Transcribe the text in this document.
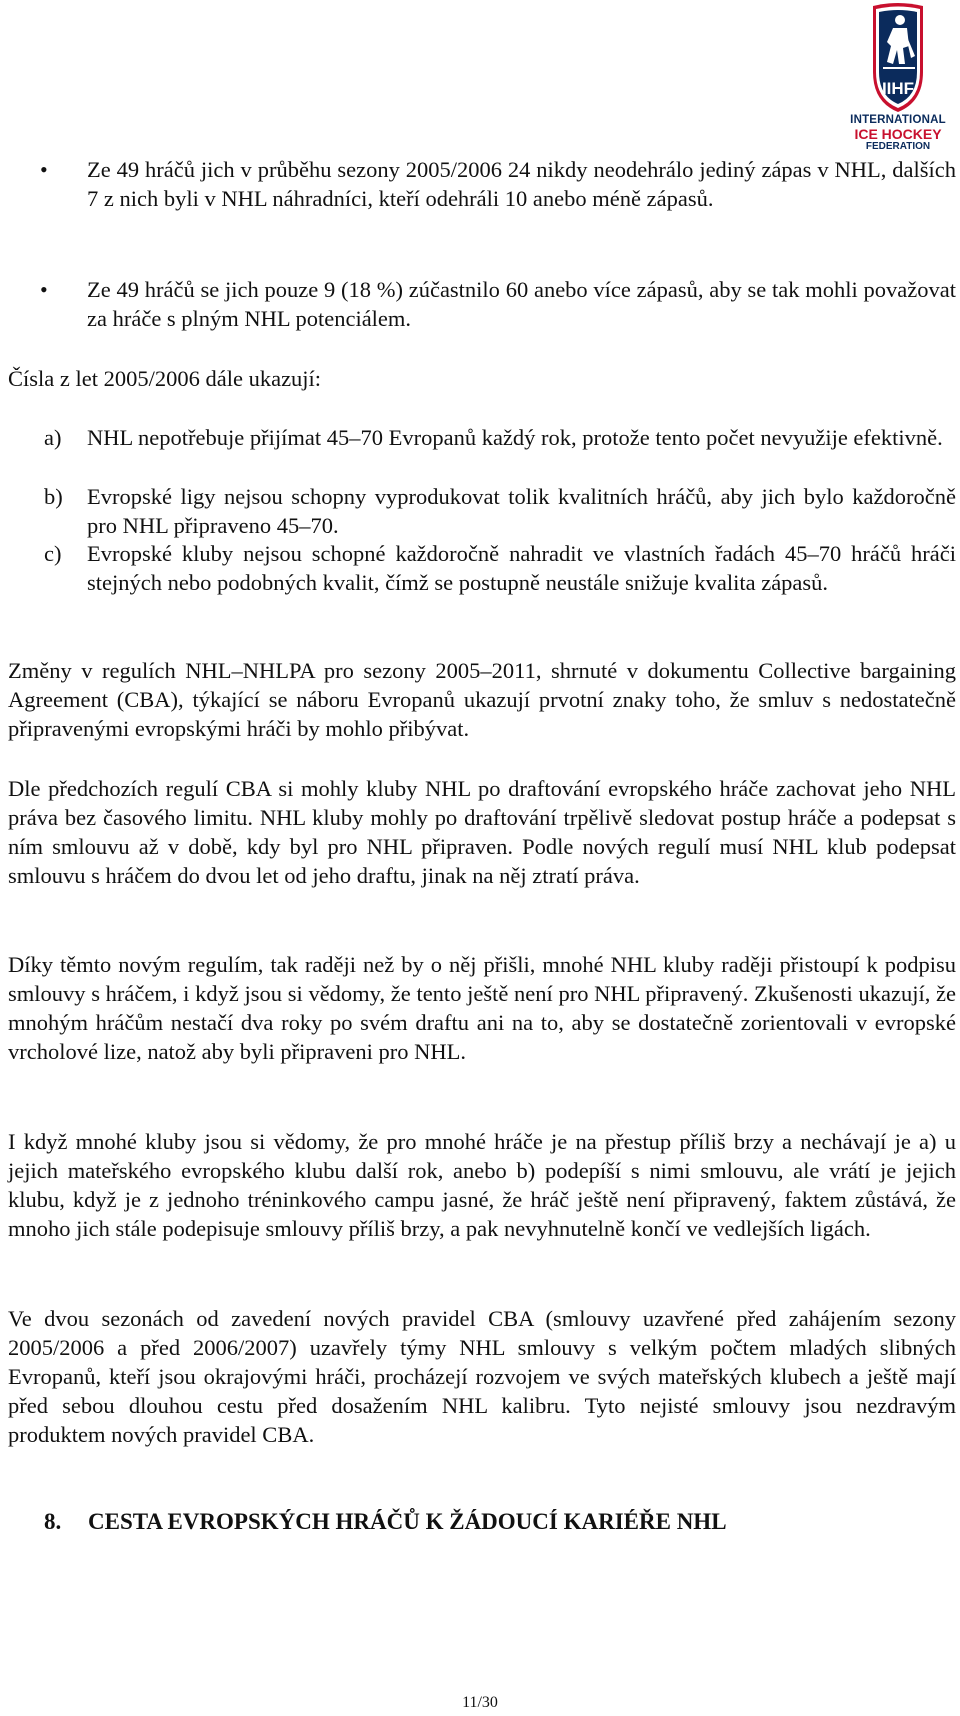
IIHF
INTERNATIONAL
ICE HOCKEY
FEDERATION
• Ze 49 hráčů jich v průběhu sezony 2005/2006 24 nikdy neodehrálo jediný zápas v NHL, dalších 7 z nich byli v NHL náhradníci, kteří odehráli 10 anebo méně zápasů.
• Ze 49 hráčů se jich pouze 9 (18 %) zúčastnilo 60 anebo více zápasů, aby se tak mohli považovat za hráče s plným NHL potenciálem.
Čísla z let 2005/2006 dále ukazují:
a) NHL nepotřebuje přijímat 45–70 Evropanů každý rok, protože tento počet nevyužije efektivně.
b) Evropské ligy nejsou schopny vyprodukovat tolik kvalitních hráčů, aby jich bylo každoročně pro NHL připraveno 45–70.
c) Evropské kluby nejsou schopné každoročně nahradit ve vlastních řadách 45–70 hráčů hráči stejných nebo podobných kvalit, čímž se postupně neustále snižuje kvalita zápasů.
Změny v regulích NHL–NHLPA pro sezony 2005–2011, shrnuté v dokumentu Collective bargaining Agreement (CBA), týkající se náboru Evropanů ukazují prvotní znaky toho, že smluv s nedostatečně připravenými evropskými hráči by mohlo přibývat.
Dle předchozích regulí CBA si mohly kluby NHL po draftování evropského hráče zachovat jeho NHL práva bez časového limitu. NHL kluby mohly po draftování trpělivě sledovat postup hráče a podepsat s ním smlouvu až v době, kdy byl pro NHL připraven. Podle nových regulí musí NHL klub podepsat smlouvu s hráčem do dvou let od jeho draftu, jinak na něj ztratí práva.
Díky těmto novým regulím, tak raději než by o něj přišli, mnohé NHL kluby raději přistoupí k podpisu smlouvy s hráčem, i když jsou si vědomy, že tento ještě není pro NHL připravený. Zkušenosti ukazují, že mnohým hráčům nestačí dva roky po svém draftu ani na to, aby se dostatečně zorientovali v evropské vrcholové lize, natož aby byli připraveni pro NHL.
I když mnohé kluby jsou si vědomy, že pro mnohé hráče je na přestup příliš brzy a nechávají je a) u jejich mateřského evropského klubu další rok, anebo b) podepíší s nimi smlouvu, ale vrátí je jejich klubu, když je z jednoho tréninkového campu jasné, že hráč ještě není připravený, faktem zůstává, že mnoho jich stále podepisuje smlouvy příliš brzy, a pak nevyhnutelně končí ve vedlejších ligách.
Ve dvou sezonách od zavedení nových pravidel CBA (smlouvy uzavřené před zahájením sezony 2005/2006 a před 2006/2007) uzavřely týmy NHL smlouvy s velkým počtem mladých slibných Evropanů, kteří jsou okrajovými hráči, procházejí rozvojem ve svých mateřských klubech a ještě mají před sebou dlouhou cestu před dosažením NHL kalibru. Tyto nejisté smlouvy jsou nezdravým produktem nových pravidel CBA.
8. CESTA EVROPSKÝCH HRÁČŮ K ŽÁDOUCÍ KARIÉŘE NHL
11/30
